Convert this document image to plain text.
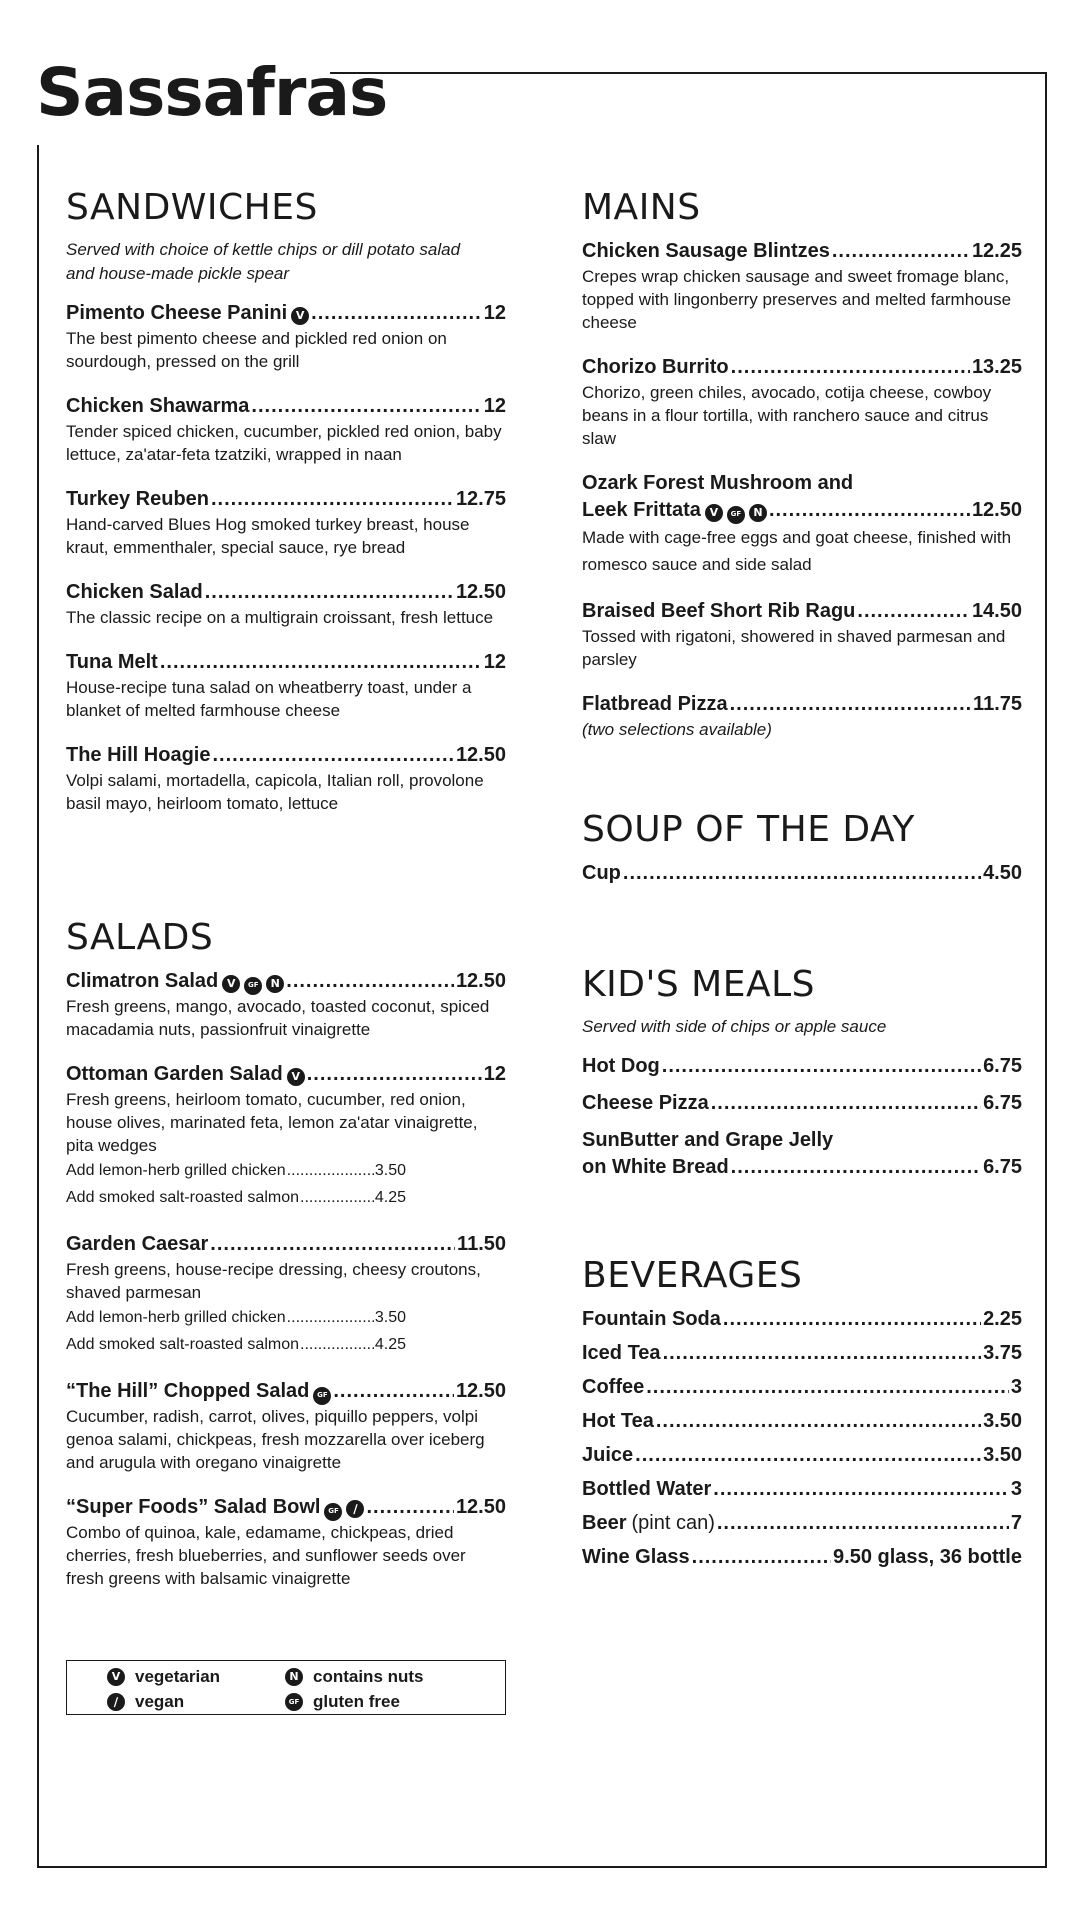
Sassafras
SANDWICHES

Served with choice of kettle chips or dill potato salad and house-made pickle spear

Pimento Cheese Panini V .....	12
The best pimento cheese and pickled red onion on sourdough, pressed on the grill
Chicken Shawarma .....	12
Tender spiced chicken, cucumber, pickled red onion, baby lettuce, za'atar-feta tzatziki, wrapped in naan
Turkey Reuben .....	12.75
Hand-carved Blues Hog smoked turkey breast, house kraut, emmenthaler, special sauce, rye bread
Chicken Salad .....	12.50
The classic recipe on a multigrain croissant, fresh lettuce
Tuna Melt .....	12
House-recipe tuna salad on wheatberry toast, under a blanket of melted farmhouse cheese
The Hill Hoagie .....	12.50
Volpi salami, mortadella, capicola, Italian roll, provolone basil mayo, heirloom tomato, lettuce
SALADS
Climatron Salad V	GF	N .....	12.50
Fresh greens, mango, avocado, toasted coconut, spiced macadamia nuts, passionfruit vinaigrette
Ottoman Garden Salad V .....	12
Fresh greens, heirloom tomato, cucumber, red onion, house olives, marinated feta, lemon za'atar vinaigrette, pita wedges
Add lemon-herb grilled chicken .....	3.50
Add smoked salt-roasted salmon .....	4.25
Garden Caesar .....	11.50
Fresh greens, house-recipe dressing, cheesy croutons, shaved parmesan
Add lemon-herb grilled chicken .....	3.50
Add smoked salt-roasted salmon .....	4.25
“The Hill” Chopped Salad	GF .....	12.50
Cucumber, radish, carrot, olives, piquillo peppers, volpi genoa salami, chickpeas, fresh mozzarella over iceberg and arugula with oregano vinaigrette
“Super Foods” Salad Bowl	GF	∕ .....	12.50
Combo of quinoa, kale, edamame, chickpeas, dried cherries, fresh blueberries, and sunflower seeds over fresh greens with balsamic vinaigrette
V vegetarian	N contains nuts
∕ vegan	GF gluten free
MAINS
Chicken Sausage Blintzes .....	12.25
Crepes wrap chicken sausage and sweet fromage blanc, topped with lingonberry preserves and melted farmhouse cheese
Chorizo Burrito .....	13.25
Chorizo, green chiles, avocado, cotija cheese, cowboy beans in a flour tortilla, with ranchero sauce and citrus slaw
Ozark Forest Mushroom and
Leek Frittata V	GF	N .....	12.50
Made with cage-free eggs and goat cheese, finished with romesco sauce and side salad
Braised Beef Short Rib Ragu .....	14.50
Tossed with rigatoni, showered in shaved parmesan and parsley
Flatbread Pizza .....	11.75
(two selections available)
SOUP OF THE DAY
Cup .....	4.50
KID'S MEALS

Served with side of chips or apple sauce

Hot Dog .....	6.75
Cheese Pizza .....	6.75
SunButter and Grape Jelly
on White Bread .....	6.75
BEVERAGES
Fountain Soda .....	2.25
Iced Tea .....	3.75
Coffee .....	3
Hot Tea .....	3.50
Juice .....	3.50
Bottled Water .....	3
Beer (pint can) .....	7
Wine Glass .....	9.50 glass, 36 bottle
